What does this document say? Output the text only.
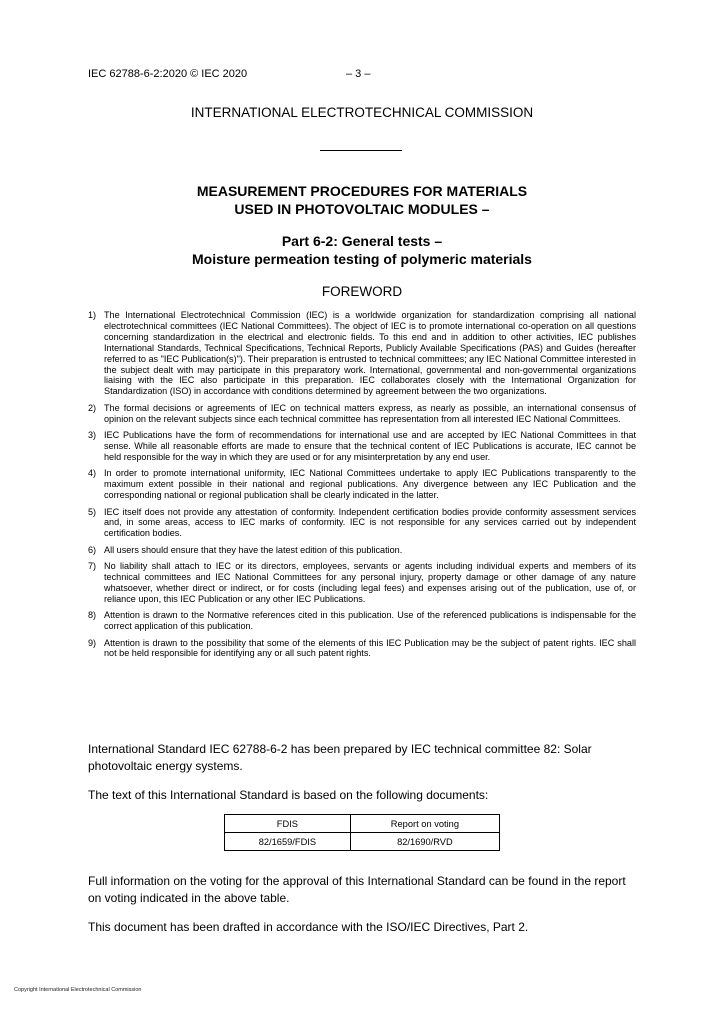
IEC 62788-6-2:2020 © IEC 2020	– 3 –
INTERNATIONAL ELECTROTECHNICAL COMMISSION
MEASUREMENT PROCEDURES FOR MATERIALS
USED IN PHOTOVOLTAIC MODULES –
Part 6-2: General tests –
Moisture permeation testing of polymeric materials
FOREWORD
1) The International Electrotechnical Commission (IEC) is a worldwide organization for standardization comprising all national electrotechnical committees (IEC National Committees). The object of IEC is to promote international co-operation on all questions concerning standardization in the electrical and electronic fields. To this end and in addition to other activities, IEC publishes International Standards, Technical Specifications, Technical Reports, Publicly Available Specifications (PAS) and Guides (hereafter referred to as "IEC Publication(s)"). Their preparation is entrusted to technical committees; any IEC National Committee interested in the subject dealt with may participate in this preparatory work. International, governmental and non-governmental organizations liaising with the IEC also participate in this preparation. IEC collaborates closely with the International Organization for Standardization (ISO) in accordance with conditions determined by agreement between the two organizations.
2) The formal decisions or agreements of IEC on technical matters express, as nearly as possible, an international consensus of opinion on the relevant subjects since each technical committee has representation from all interested IEC National Committees.
3) IEC Publications have the form of recommendations for international use and are accepted by IEC National Committees in that sense. While all reasonable efforts are made to ensure that the technical content of IEC Publications is accurate, IEC cannot be held responsible for the way in which they are used or for any misinterpretation by any end user.
4) In order to promote international uniformity, IEC National Committees undertake to apply IEC Publications transparently to the maximum extent possible in their national and regional publications. Any divergence between any IEC Publication and the corresponding national or regional publication shall be clearly indicated in the latter.
5) IEC itself does not provide any attestation of conformity. Independent certification bodies provide conformity assessment services and, in some areas, access to IEC marks of conformity. IEC is not responsible for any services carried out by independent certification bodies.
6) All users should ensure that they have the latest edition of this publication.
7) No liability shall attach to IEC or its directors, employees, servants or agents including individual experts and members of its technical committees and IEC National Committees for any personal injury, property damage or other damage of any nature whatsoever, whether direct or indirect, or for costs (including legal fees) and expenses arising out of the publication, use of, or reliance upon, this IEC Publication or any other IEC Publications.
8) Attention is drawn to the Normative references cited in this publication. Use of the referenced publications is indispensable for the correct application of this publication.
9) Attention is drawn to the possibility that some of the elements of this IEC Publication may be the subject of patent rights. IEC shall not be held responsible for identifying any or all such patent rights.
International Standard IEC 62788-6-2 has been prepared by IEC technical committee 82: Solar photovoltaic energy systems.
The text of this International Standard is based on the following documents:
FDIS	Report on voting
82/1659/FDIS	82/1690/RVD
Full information on the voting for the approval of this International Standard can be found in the report on voting indicated in the above table.
This document has been drafted in accordance with the ISO/IEC Directives, Part 2.
Copyright International Electrotechnical Commission
